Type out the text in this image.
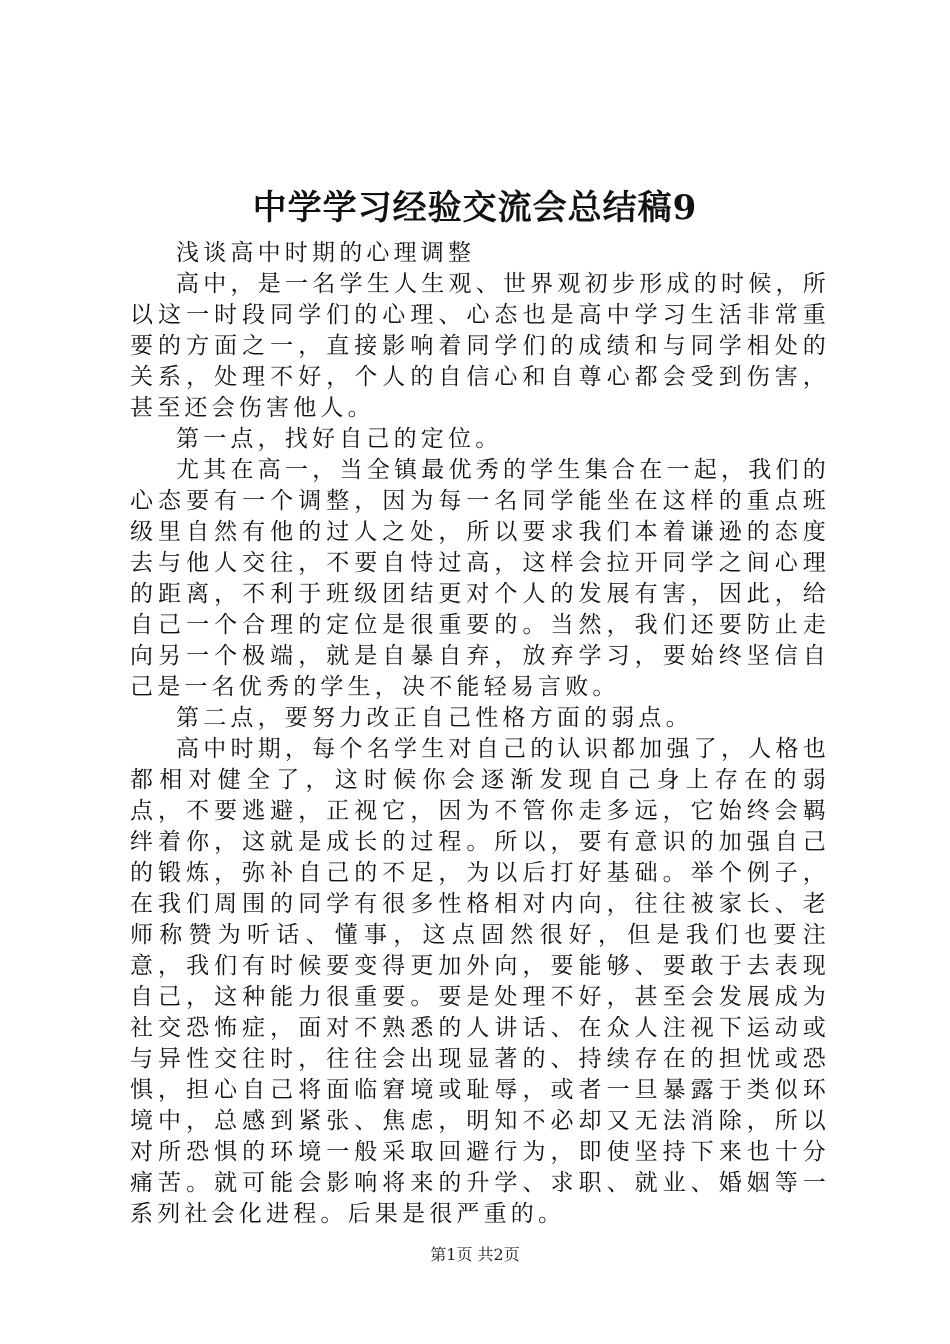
中学学习经验交流会总结稿9

浅谈高中时期的心理调整

高中，是一名学生人生观、世界观初步形成的时候，所以这一时段同学们的心理、心态也是高中学习生活非常重要的方面之一，直接影响着同学们的成绩和与同学相处的关系，处理不好，个人的自信心和自尊心都会受到伤害，甚至还会伤害他人。

第一点，找好自己的定位。

尤其在高一，当全镇最优秀的学生集合在一起，我们的心态要有一个调整，因为每一名同学能坐在这样的重点班级里自然有他的过人之处，所以要求我们本着谦逊的态度去与他人交往，不要自恃过高，这样会拉开同学之间心理的距离，不利于班级团结更对个人的发展有害，因此，给自己一个合理的定位是很重要的。当然，我们还要防止走向另一个极端，就是自暴自弃，放弃学习，要始终坚信自己是一名优秀的学生，决不能轻易言败。

第二点，要努力改正自己性格方面的弱点。

高中时期，每个名学生对自己的认识都加强了，人格也都相对健全了，这时候你会逐渐发现自己身上存在的弱点，不要逃避，正视它，因为不管你走多远，它始终会羁绊着你，这就是成长的过程。所以，要有意识的加强自己的锻炼，弥补自己的不足，为以后打好基础。举个例子，在我们周围的同学有很多性格相对内向，往往被家长、老师称赞为听话、懂事，这点固然很好，但是我们也要注意，我们有时候要变得更加外向，要能够、要敢于去表现自己，这种能力很重要。要是处理不好，甚至会发展成为社交恐怖症，面对不熟悉的人讲话、在众人注视下运动或与异性交往时，往往会出现显著的、持续存在的担忧或恐惧，担心自己将面临窘境或耻辱，或者一旦暴露于类似环境中，总感到紧张、焦虑，明知不必却又无法消除，所以对所恐惧的环境一般采取回避行为，即使坚持下来也十分痛苦。就可能会影响将来的升学、求职、就业、婚姻等一系列社会化进程。后果是很严重的。

第1页 共2页
